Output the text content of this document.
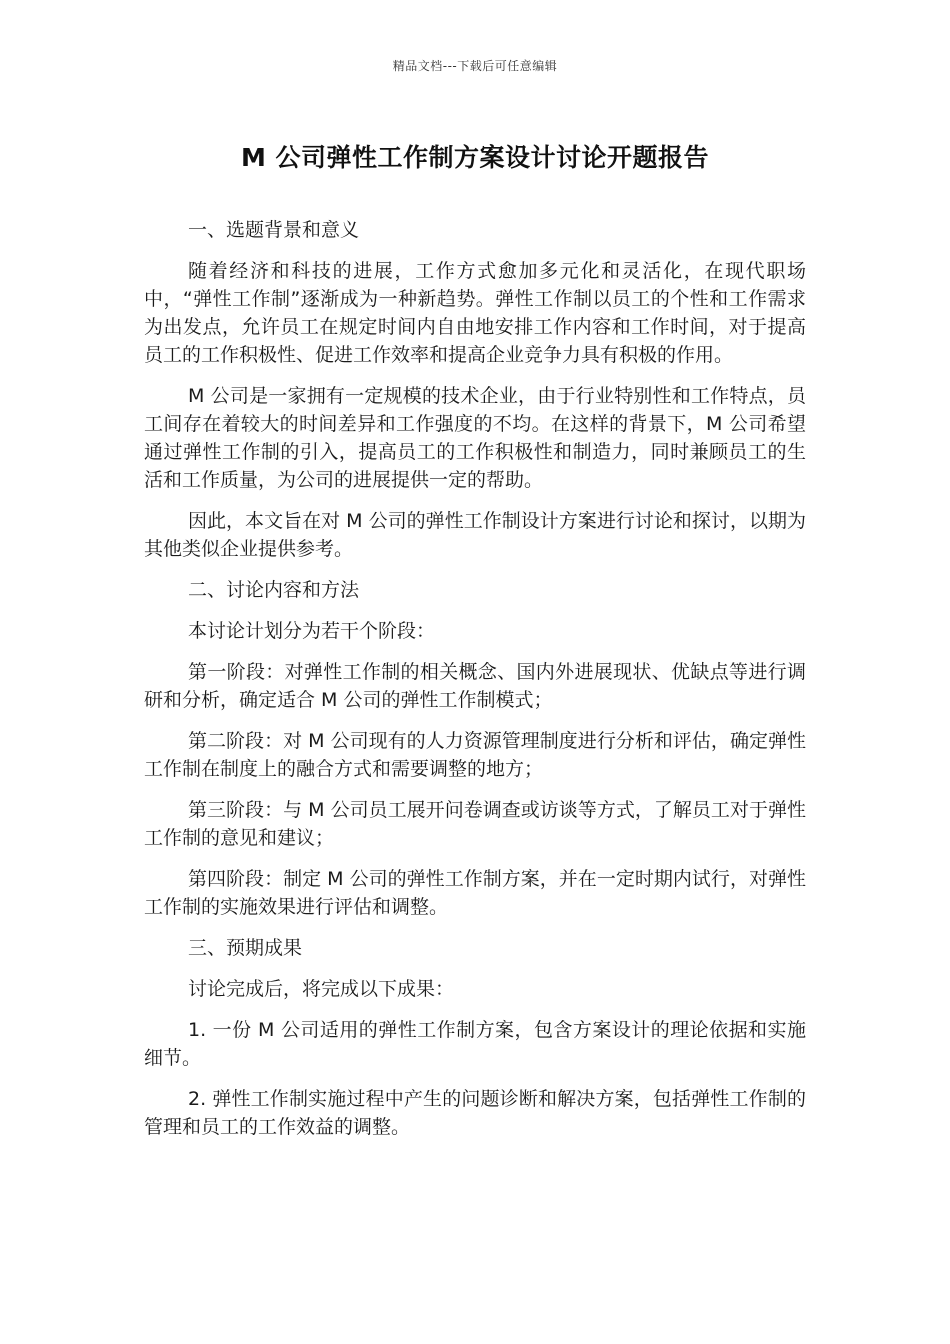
精品文档---下载后可任意编辑
M 公司弹性工作制方案设计讨论开题报告

一、选题背景和意义

随着经济和科技的进展，工作方式愈加多元化和灵活化，在现代职场中，“弹性工作制”逐渐成为一种新趋势。弹性工作制以员工的个性和工作需求为出发点，允许员工在规定时间内自由地安排工作内容和工作时间，对于提高员工的工作积极性、促进工作效率和提高企业竞争力具有积极的作用。

M 公司是一家拥有一定规模的技术企业，由于行业特别性和工作特点，员工间存在着较大的时间差异和工作强度的不均。在这样的背景下，M 公司希望通过弹性工作制的引入，提高员工的工作积极性和制造力，同时兼顾员工的生活和工作质量，为公司的进展提供一定的帮助。

因此，本文旨在对 M 公司的弹性工作制设计方案进行讨论和探讨，以期为其他类似企业提供参考。

二、讨论内容和方法

本讨论计划分为若干个阶段：

第一阶段：对弹性工作制的相关概念、国内外进展现状、优缺点等进行调研和分析，确定适合 M 公司的弹性工作制模式；

第二阶段：对 M 公司现有的人力资源管理制度进行分析和评估，确定弹性工作制在制度上的融合方式和需要调整的地方；

第三阶段：与 M 公司员工展开问卷调查或访谈等方式，了解员工对于弹性工作制的意见和建议；

第四阶段：制定 M 公司的弹性工作制方案，并在一定时期内试行，对弹性工作制的实施效果进行评估和调整。

三、预期成果

讨论完成后，将完成以下成果：

1. 一份 M 公司适用的弹性工作制方案，包含方案设计的理论依据和实施细节。

2. 弹性工作制实施过程中产生的问题诊断和解决方案，包括弹性工作制的管理和员工的工作效益的调整。
